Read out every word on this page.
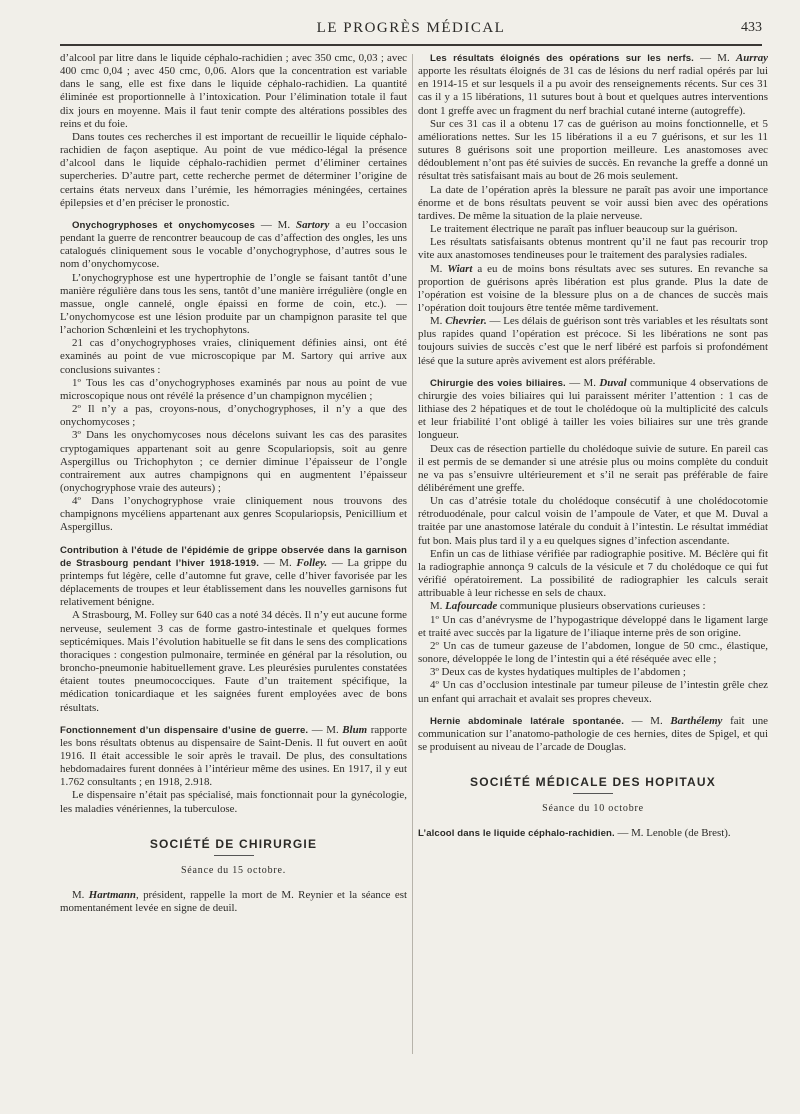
LE PROGRÈS MÉDICAL	433

d’alcool par litre dans le liquide céphalo-rachidien ; avec 350 cmc, 0,03 ; avec 400 cmc 0,04 ; avec 450 cmc, 0,06. Alors que la concentration est variable dans le sang, elle est fixe dans le liquide céphalo-rachidien. La quantité éliminée est proportionnelle à l’intoxication. Pour l’élimination totale il faut dix jours en moyenne. Mais il faut tenir compte des altérations possibles des reins et du foie.

Dans toutes ces recherches il est important de recueillir le liquide céphalo-rachidien de façon aseptique. Au point de vue médico-légal la présence d’alcool dans le liquide céphalo-rachidien permet d’éliminer certaines supercheries. D’autre part, cette recherche permet de déterminer l’origine de certains états nerveux dans l’urémie, les hémorragies méningées, certaines épilepsies et d’en préciser le pronostic.

Onychogryphoses et onychomycoses — M. Sartory a eu l’occasion pendant la guerre de rencontrer beaucoup de cas d’affection des ongles, les uns catalogués cliniquement sous le vocable d’onychogryphose, d’autres sous le nom d’onychomycose.

L’onychogryphose est une hypertrophie de l’ongle se faisant tantôt d’une manière régulière dans tous les sens, tantôt d’une manière irrégulière (ongle en massue, ongle cannelé, ongle épaissi en forme de coin, etc.). — L’onychomycose est une lésion produite par un champignon parasite tel que l’achorion Schœnleini et les trychophytons.

21 cas d’onychogryphoses vraies, cliniquement définies ainsi, ont été examinés au point de vue microscopique par M. Sartory qui arrive aux conclusions suivantes :

1º Tous les cas d’onychogryphoses examinés par nous au point de vue microscopique nous ont révélé la présence d’un champignon mycélien ;

2º Il n’y a pas, croyons-nous, d’onychogryphoses, il n’y a que des onychomycoses ;

3º Dans les onychomycoses nous décelons suivant les cas des parasites cryptogamiques appartenant soit au genre Scopulariopsis, soit au genre Aspergillus ou Trichophyton ; ce dernier diminue l’épaisseur de l’ongle contrairement aux autres champignons qui en augmentent l’épaisseur (onychogryphose vraie des auteurs) ;

4º Dans l’onychogryphose vraie cliniquement nous trouvons des champignons mycéliens appartenant aux genres Scopulariopsis, Penicillium et Aspergillus.

Contribution à l’étude de l’épidémie de grippe observée dans la garnison de Strasbourg pendant l’hiver 1918-1919. — M. Folley. — La grippe du printemps fut légère, celle d’automne fut grave, celle d’hiver favorisée par les déplacements de troupes et leur établissement dans les nouvelles garnisons fut relativement bénigne.

A Strasbourg, M. Folley sur 640 cas a noté 34 décès. Il n’y eut aucune forme nerveuse, seulement 3 cas de forme gastro-intestinale et quelques formes septicémiques. Mais l’évolution habituelle se fit dans le sens des complications thoraciques : congestion pulmonaire, terminée en général par la résolution, ou broncho-pneumonie habituellement grave. Les pleurésies purulentes constatées étaient toutes pneumococciques. Faute d’un traitement spécifique, la médication tonicardiaque et les saignées furent employées avec de bons résultats.

Fonctionnement d’un dispensaire d’usine de guerre. — M. Blum rapporte les bons résultats obtenus au dispensaire de Saint-Denis. Il fut ouvert en août 1916. Il était accessible le soir après le travail. De plus, des consultations hebdomadaires furent données à l’intérieur même des usines. En 1917, il y eut 1.762 consultants ; en 1918, 2.918.

Le dispensaire n’était pas spécialisé, mais fonctionnait pour la gynécologie, les maladies vénériennes, la tuberculose.

SOCIÉTÉ DE CHIRURGIE
Séance du 15 octobre.

M. Hartmann, président, rappelle la mort de M. Reynier et la séance est momentanément levée en signe de deuil.

Les résultats éloignés des opérations sur les nerfs. — M. Aurray apporte les résultats éloignés de 31 cas de lésions du nerf radial opérés par lui en 1914-15 et sur lesquels il a pu avoir des renseignements récents. Sur ces 31 cas il y a 15 libérations, 11 sutures bout à bout et quelques autres interventions dont 1 greffe avec un fragment du nerf brachial cutané interne (autogreffe).

Sur ces 31 cas il a obtenu 17 cas de guérison au moins fonctionnelle, et 5 améliorations nettes. Sur les 15 libérations il a eu 7 guérisons, et sur les 11 sutures 8 guérisons soit une proportion meilleure. Les anastomoses avec dédoublement n’ont pas été suivies de succès. En revanche la greffe a donné un résultat très satisfaisant mais au bout de 26 mois seulement.

La date de l’opération après la blessure ne paraît pas avoir une importance énorme et de bons résultats peuvent se voir aussi bien avec des opérations tardives. De même la situation de la plaie nerveuse.

Le traitement électrique ne paraît pas influer beaucoup sur la guérison.

Les résultats satisfaisants obtenus montrent qu’il ne faut pas recourir trop vite aux anastomoses tendineuses pour le traitement des paralysies radiales.

M. Wiart a eu de moins bons résultats avec ses sutures. En revanche sa proportion de guérisons après libération est plus grande. Plus la date de l’opération est voisine de la blessure plus on a de chances de succès mais l’opération doit toujours être tentée même tardivement.

M. Chevrier. — Les délais de guérison sont très variables et les résultats sont plus rapides quand l’opération est précoce. Si les libérations ne sont pas toujours suivies de succès c’est que le nerf libéré est parfois si profondément lésé que la suture après avivement est alors préférable.

Chirurgie des voies biliaires. — M. Duval communique 4 observations de chirurgie des voies biliaires qui lui paraissent mériter l’attention : 1 cas de lithiase des 2 hépatiques et de tout le cholédoque où la multiplicité des calculs et leur friabilité l’ont obligé à tailler les voies biliaires sur une très grande longueur.

Deux cas de résection partielle du cholédoque suivie de suture. En pareil cas il est permis de se demander si une atrésie plus ou moins complète du conduit ne va pas s’ensuivre ultérieurement et s’il ne serait pas préférable de faire délibérément une greffe.

Un cas d’atrésie totale du cholédoque consécutif à une cholédocotomie rétroduodénale, pour calcul voisin de l’ampoule de Vater, et que M. Duval a traitée par une anastomose latérale du conduit à l’intestin. Le résultat immédiat fut bon. Mais plus tard il y a eu quelques signes d’infection ascendante.

Enfin un cas de lithiase vérifiée par radiographie positive. M. Béclère qui fit la radiographie annonça 9 calculs de la vésicule et 7 du cholédoque ce qui fut vérifié opératoirement. La possibilité de radiographier les calculs serait attribuable à leur richesse en sels de chaux.

M. Lafourcade communique plusieurs observations curieuses :

1º Un cas d’anévrysme de l’hypogastrique développé dans le ligament large et traité avec succès par la ligature de l’iliaque interne près de son origine.

2º Un cas de tumeur gazeuse de l’abdomen, longue de 50 cmc., élastique, sonore, développée le long de l’intestin qui a été réséquée avec elle ;

3º Deux cas de kystes hydatiques multiples de l’abdomen ;

4º Un cas d’occlusion intestinale par tumeur pileuse de l’intestin grêle chez un enfant qui arrachait et avalait ses propres cheveux.

Hernie abdominale latérale spontanée. — M. Barthélemy fait une communication sur l’anatomo-pathologie de ces hernies, dites de Spigel, et qui se produisent au niveau de l’arcade de Douglas.

SOCIÉTÉ MÉDICALE DES HOPITAUX
Séance du 10 octobre

L’alcool dans le liquide céphalo-rachidien. — M. Lenoble (de Brest).
